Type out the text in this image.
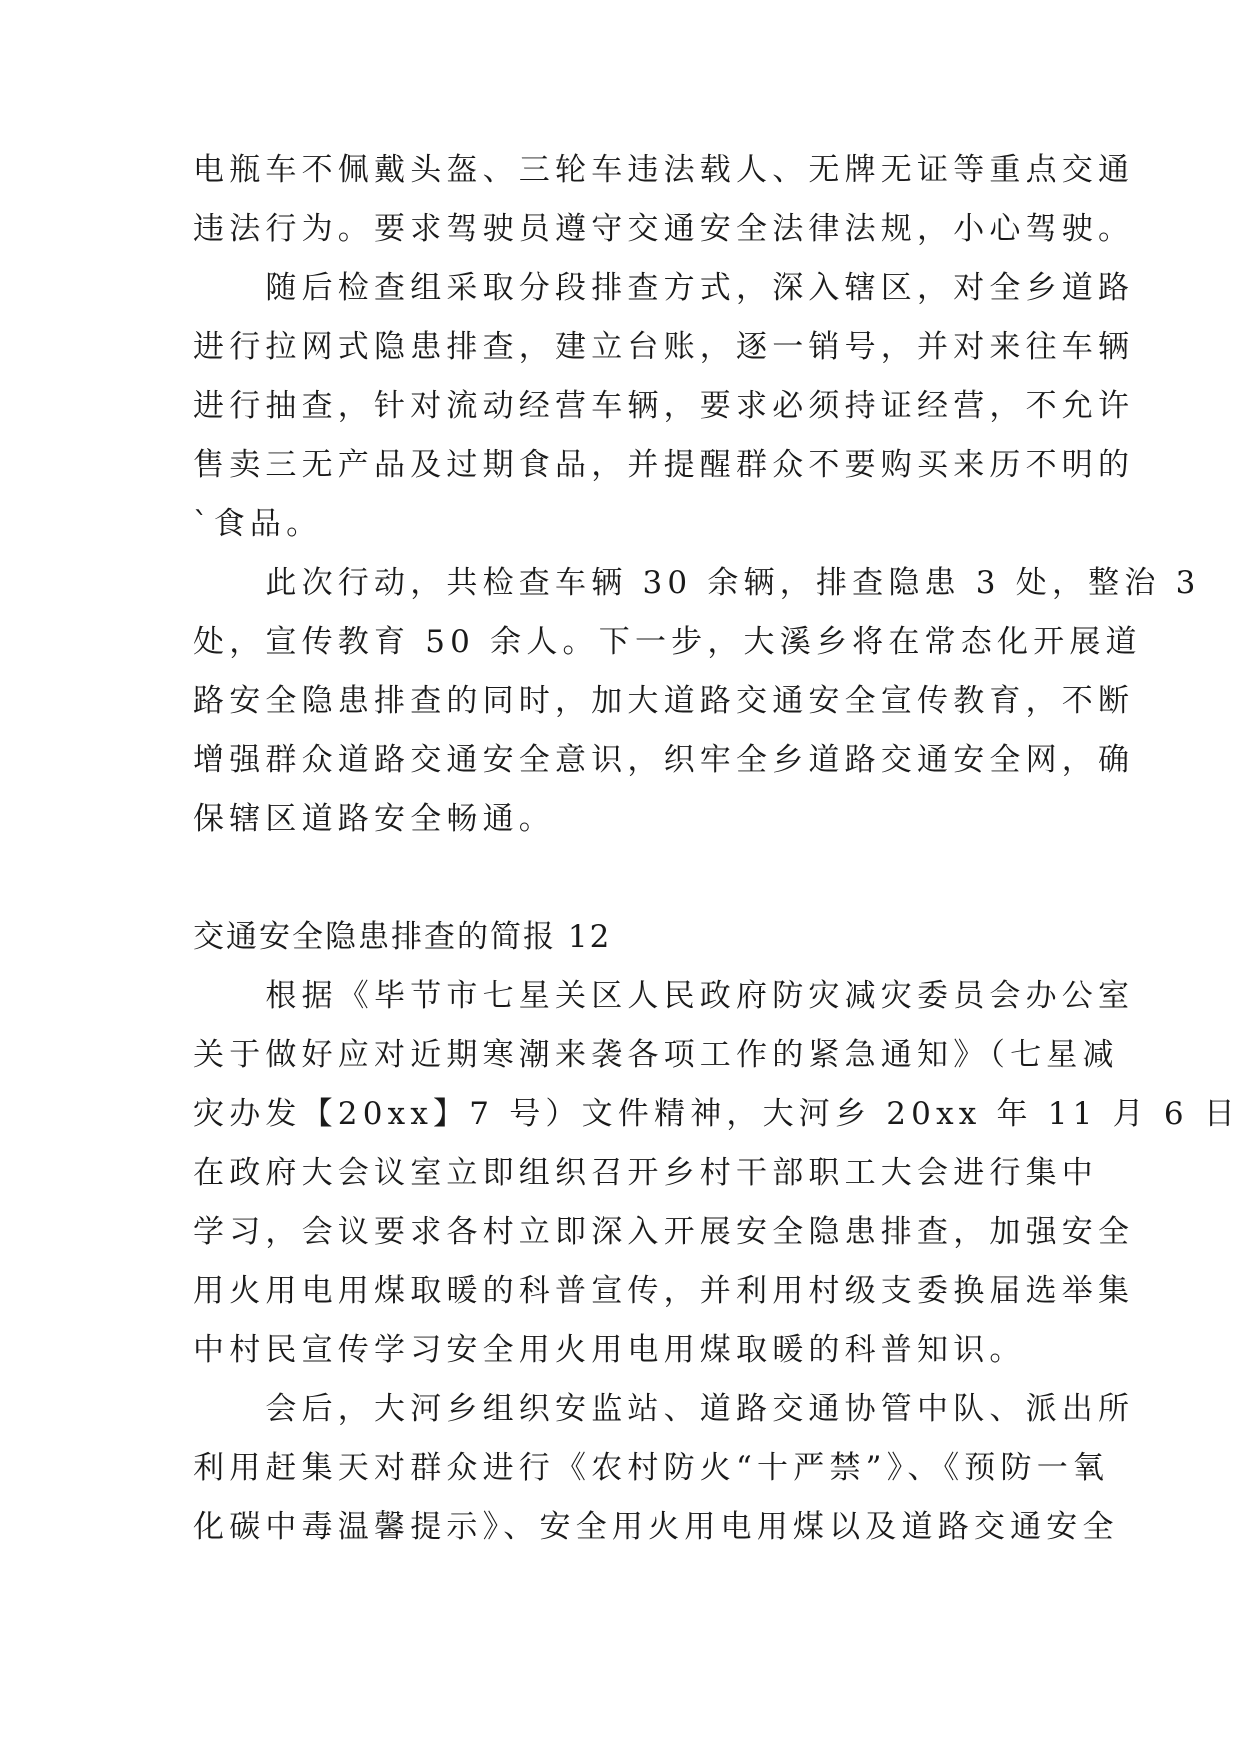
电瓶车不佩戴头盔、三轮车违法载人、无牌无证等重点交通
违法行为。要求驾驶员遵守交通安全法律法规，小心驾驶。
　　随后检查组采取分段排查方式，深入辖区，对全乡道路
进行拉网式隐患排查，建立台账，逐一销号，并对来往车辆
进行抽查，针对流动经营车辆，要求必须持证经营，不允许
售卖三无产品及过期食品，并提醒群众不要购买来历不明的
`食品。
　　此次行动，共检查车辆 30 余辆，排查隐患 3 处，整治 3
处，宣传教育 50 余人。下一步，大溪乡将在常态化开展道
路安全隐患排查的同时，加大道路交通安全宣传教育，不断
增强群众道路交通安全意识，织牢全乡道路交通安全网，确
保辖区道路安全畅通。
交通安全隐患排查的简报 12
　　根据《毕节市七星关区人民政府防灾减灾委员会办公室
关于做好应对近期寒潮来袭各项工作的紧急通知》（七星减
灾办发【20xx】7 号）文件精神，大河乡 20xx 年 11 月 6 日
在政府大会议室立即组织召开乡村干部职工大会进行集中
学习，会议要求各村立即深入开展安全隐患排查，加强安全
用火用电用煤取暖的科普宣传，并利用村级支委换届选举集
中村民宣传学习安全用火用电用煤取暖的科普知识。
　　会后，大河乡组织安监站、道路交通协管中队、派出所
利用赶集天对群众进行《农村防火“十严禁”》、《预防一氧
化碳中毒温馨提示》、安全用火用电用煤以及道路交通安全
